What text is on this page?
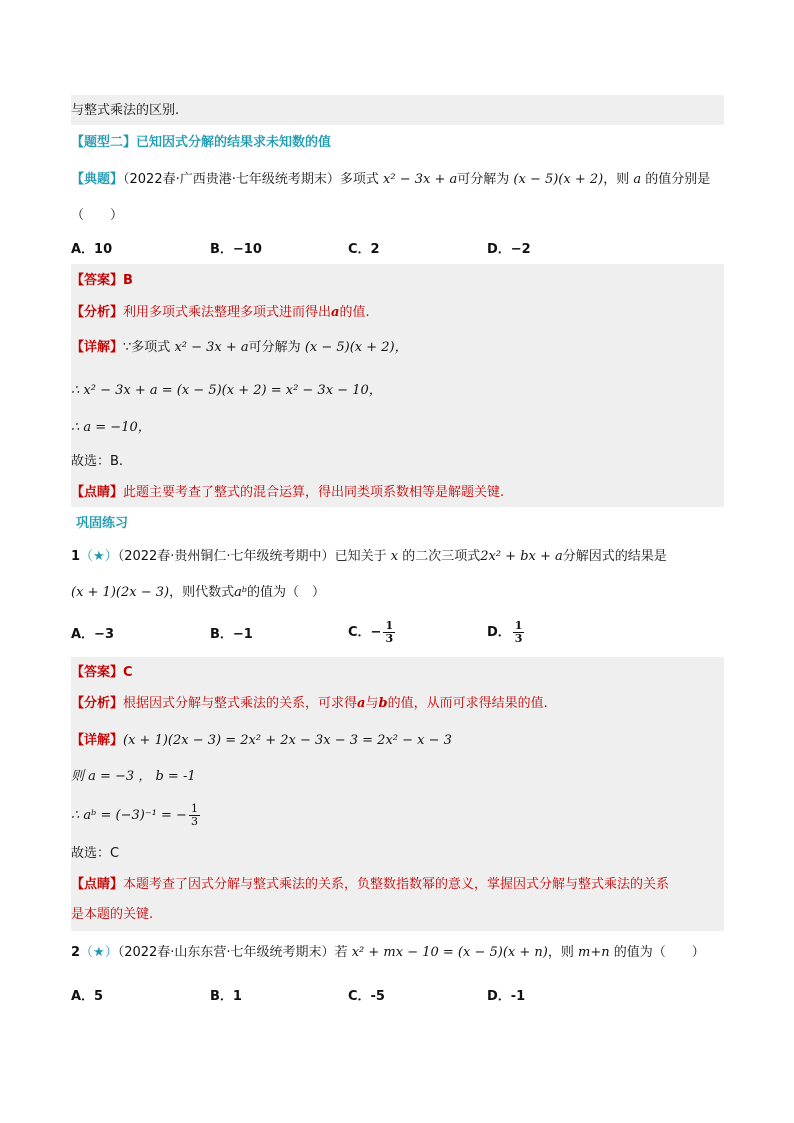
与整式乘法的区别.
【题型二】已知因式分解的结果求未知数的值
【典题】（2022春·广西贵港·七年级统考期末）多项式 x² − 3x + a可分解为 (x − 5)(x + 2)，则 a 的值分别是
（　　）
A．10	B．−10	C．2	D．−2
【答案】B
【分析】利用多项式乘法整理多项式进而得出a的值.
【详解】∵多项式 x² − 3x + a可分解为 (x − 5)(x + 2)，
∴ x² − 3x + a = (x − 5)(x + 2) = x² − 3x − 10，
∴ a = −10，
故选：B.
【点睛】此题主要考查了整式的混合运算，得出同类项系数相等是解题关键.
巩固练习
1（★）（2022春·贵州铜仁·七年级统考期中）已知关于 x 的二次三项式2x² + bx + a分解因式的结果是
(x + 1)(2x − 3)，则代数式aᵇ的值为（　）
A．−3	B．−1	C．− $\frac{1}{3}$	D． $\frac{1}{3}$
【答案】C
【分析】根据因式分解与整式乘法的关系，可求得a与b的值，从而可求得结果的值.
【详解】(x + 1)(2x − 3) = 2x² + 2x − 3x − 3 = 2x² − x − 3
则 a = −3 ， b = -1
∴ aᵇ = (−3)⁻¹ = − $\frac{1}{3}$
故选：C
【点睛】本题考查了因式分解与整式乘法的关系，负整数指数幂的意义，掌握因式分解与整式乘法的关系
是本题的关键.
2（★）（2022春·山东东营·七年级统考期末）若 x² + mx − 10 = (x − 5)(x + n)，则 m+n 的值为（　　）
A．5	B．1	C．-5	D．-1
